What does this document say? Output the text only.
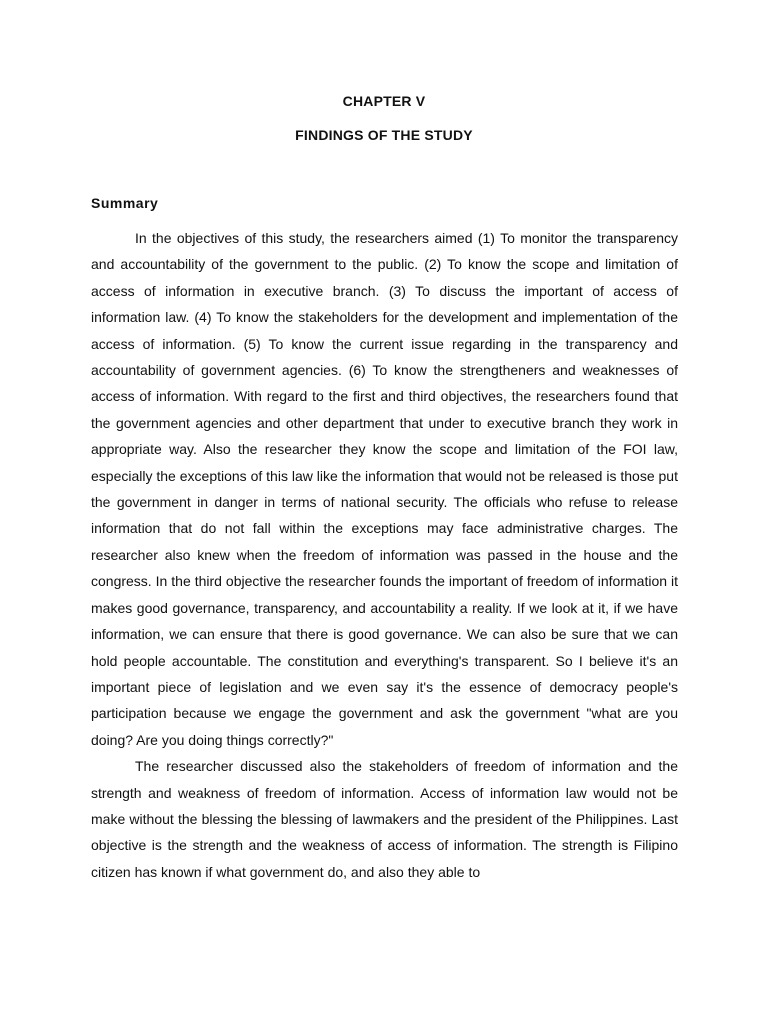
CHAPTER V
FINDINGS OF THE STUDY
Summary

In the objectives of this study, the researchers aimed (1) To monitor the transparency and accountability of the government to the public. (2) To know the scope and limitation of access of information in executive branch. (3) To discuss the important of access of information law. (4) To know the stakeholders for the development and implementation of the access of information. (5) To know the current issue regarding in the transparency and accountability of government agencies. (6) To know the strengtheners and weaknesses of access of information. With regard to the first and third objectives, the researchers found that the government agencies and other department that under to executive branch they work in appropriate way. Also the researcher they know the scope and limitation of the FOI law, especially the exceptions of this law like the information that would not be released is those put the government in danger in terms of national security. The officials who refuse to release information that do not fall within the exceptions may face administrative charges. The researcher also knew when the freedom of information was passed in the house and the congress. In the third objective the researcher founds the important of freedom of information it makes good governance, transparency, and accountability a reality. If we look at it, if we have information, we can ensure that there is good governance. We can also be sure that we can hold people accountable. The constitution and everything's transparent. So I believe it's an important piece of legislation and we even say it's the essence of democracy people's participation because we engage the government and ask the government "what are you doing? Are you doing things correctly?"

The researcher discussed also the stakeholders of freedom of information and the strength and weakness of freedom of information. Access of information law would not be make without the blessing the blessing of lawmakers and the president of the Philippines. Last objective is the strength and the weakness of access of information. The strength is Filipino citizen has known if what government do, and also they able to
